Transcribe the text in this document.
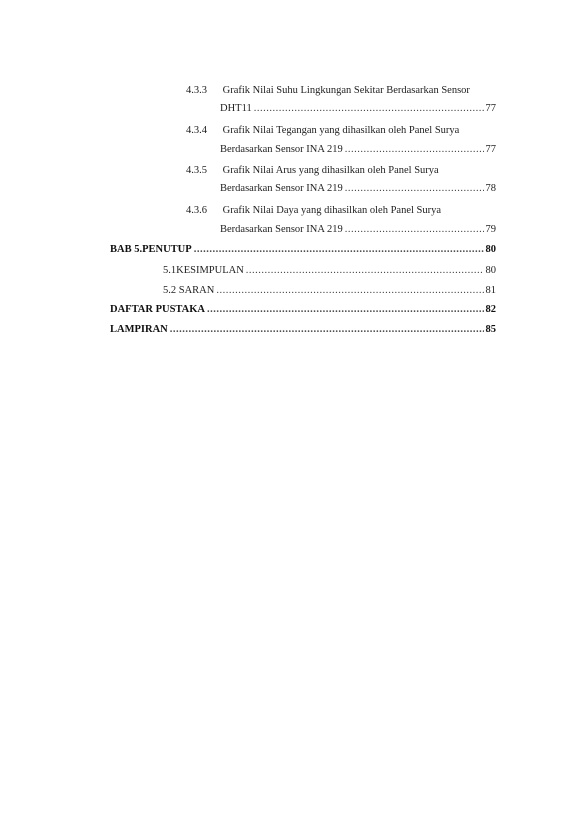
4.3.3 Grafik Nilai Suhu Lingkungan Sekitar Berdasarkan Sensor
DHT11 .....	77
4.3.4 Grafik Nilai Tegangan yang dihasilkan oleh Panel Surya
Berdasarkan Sensor INA 219 .....	77
4.3.5 Grafik Nilai Arus yang dihasilkan oleh Panel Surya
Berdasarkan Sensor INA 219 .....	78
4.3.6 Grafik Nilai Daya yang dihasilkan oleh Panel Surya
Berdasarkan Sensor INA 219 .....	79
BAB 5. PENUTUP .....	80
5.1 KESIMPULAN .....	80
5.2 SARAN .....	81
DAFTAR PUSTAKA .....	82
LAMPIRAN .....	85
